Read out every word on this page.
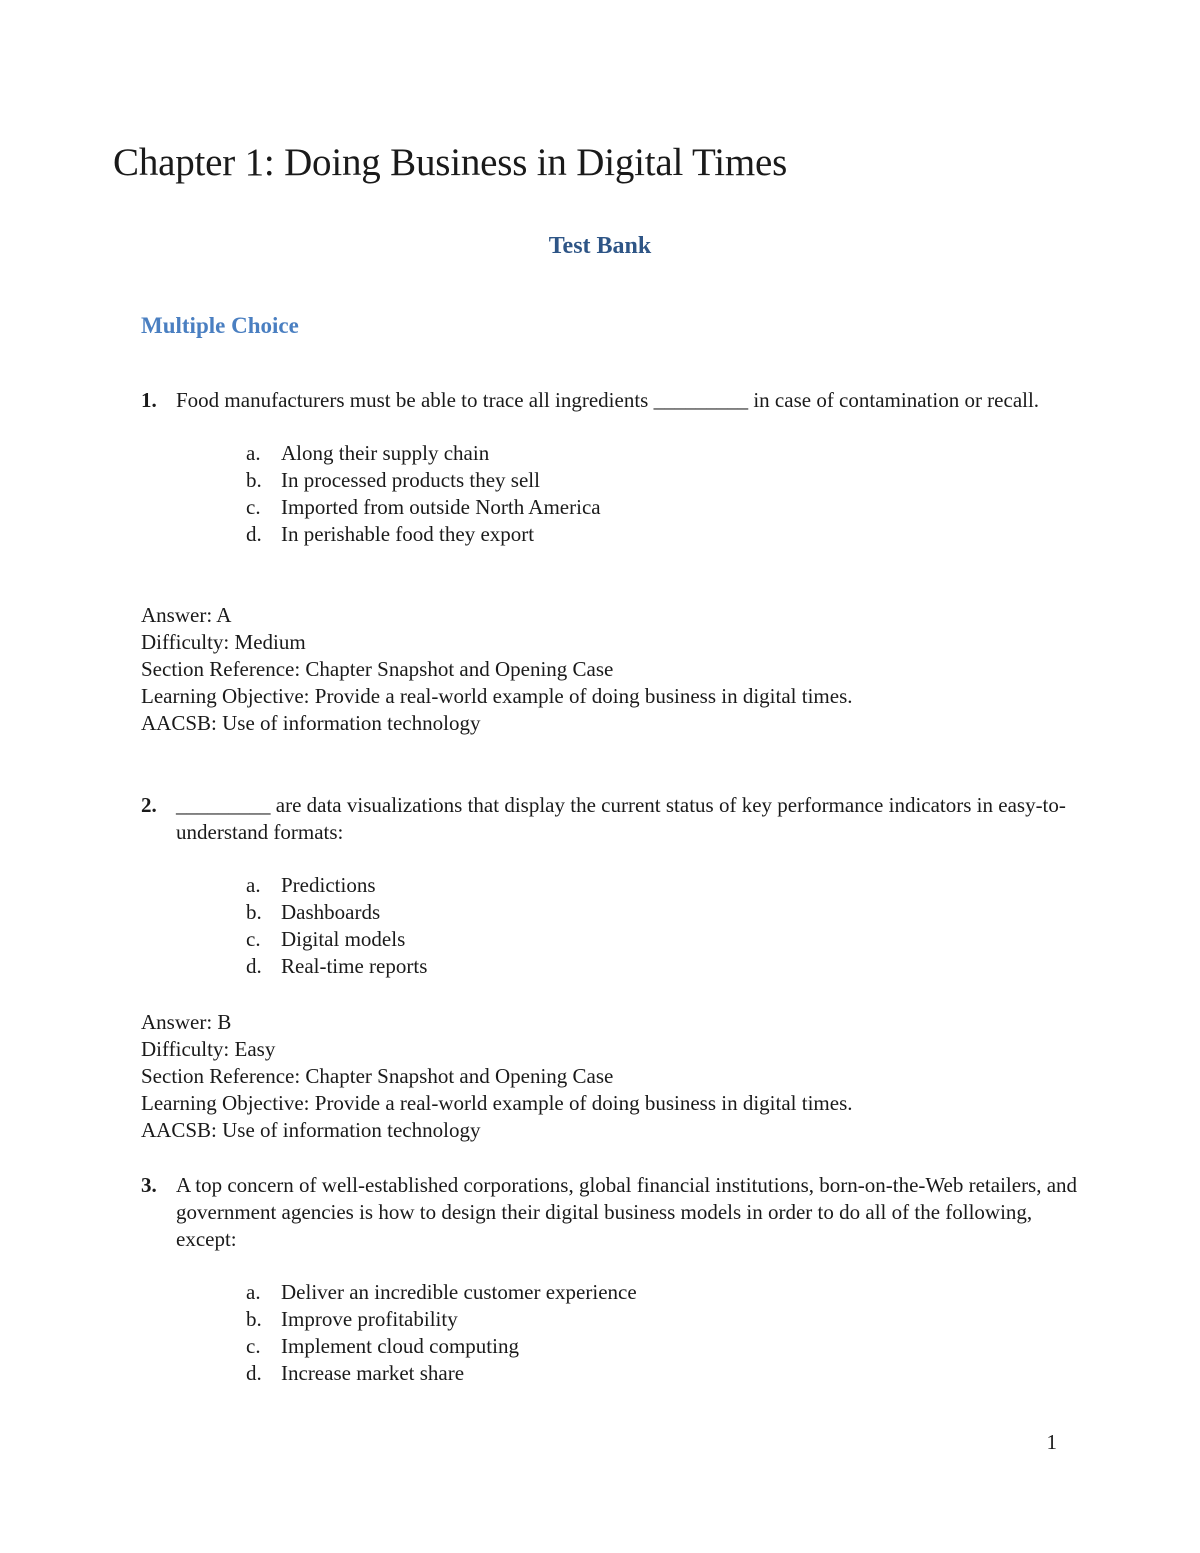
Chapter 1: Doing Business in Digital Times
Test Bank
Multiple Choice
1. Food manufacturers must be able to trace all ingredients _________ in case of contamination or recall.
a. Along their supply chain
b. In processed products they sell
c. Imported from outside North America
d. In perishable food they export
Answer: A
Difficulty: Medium
Section Reference: Chapter Snapshot and Opening Case
Learning Objective: Provide a real-world example of doing business in digital times.
AACSB: Use of information technology
2. _________ are data visualizations that display the current status of key performance indicators in easy-to-understand formats:
a. Predictions
b. Dashboards
c. Digital models
d. Real-time reports
Answer: B
Difficulty: Easy
Section Reference: Chapter Snapshot and Opening Case
Learning Objective: Provide a real-world example of doing business in digital times.
AACSB: Use of information technology
3. A top concern of well-established corporations, global financial institutions, born-on-the-Web retailers, and government agencies is how to design their digital business models in order to do all of the following, except:
a. Deliver an incredible customer experience
b. Improve profitability
c. Implement cloud computing
d. Increase market share
1
